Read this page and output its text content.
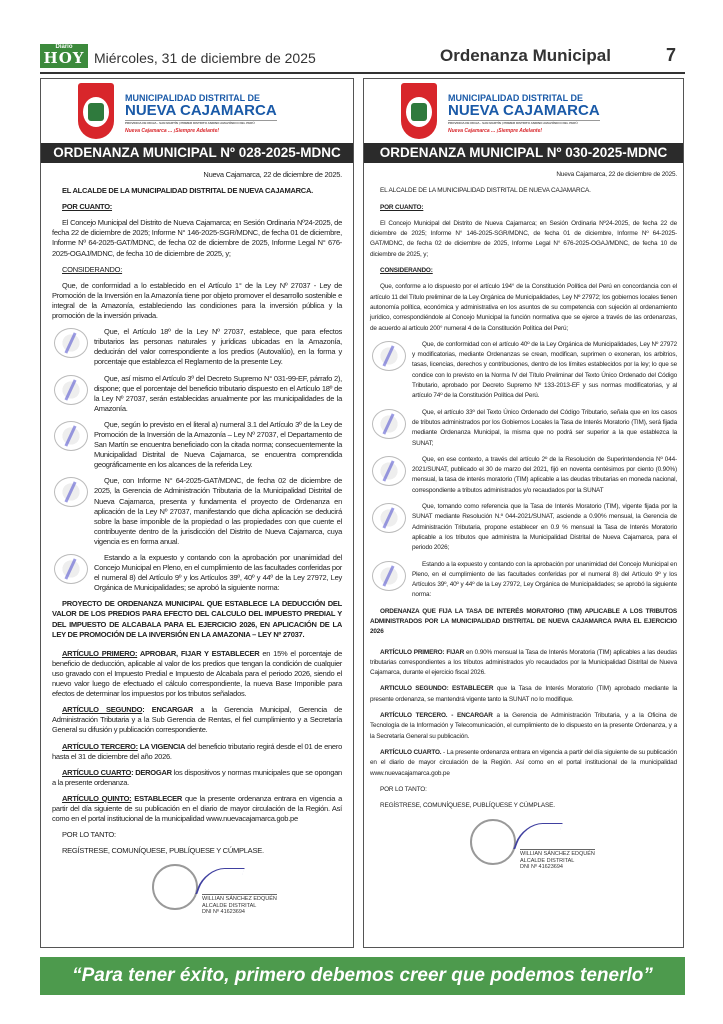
Diario
HOY Miércoles, 31 de diciembre de 2025	Ordenanza Municipal	7
MUNICIPALIDAD DISTRITAL DE
NUEVA CAJAMARCA
PROVINCIA DE RIOJA - SAN MARTÍN | PRIMER DISTRITO ANDINO AMAZÓNICO DEL PERÚ
Nueva Cajamarca ... ¡Siempre Adelante!
ORDENANZA MUNICIPAL Nº 028-2025-MDNC

Nueva Cajamarca, 22 de diciembre de 2025.

EL ALCALDE DE LA MUNICIPALIDAD DISTRITAL DE NUEVA CAJAMARCA.

POR CUANTO:

El Concejo Municipal del Distrito de Nueva Cajamarca; en Sesión Ordinaria Nº24-2025, de fecha 22 de diciembre de 2025; Informe N° 146-2025-SGR/MDNC, de fecha 01 de diciembre, Informe Nº 64-2025-GAT/MDNC, de fecha 02 de diciembre de 2025, Informe Legal N° 676-2025-OGAJ/MDNC, de fecha 10 de diciembre de 2025, y;

CONSIDERANDO:

Que, de conformidad a lo establecido en el Artículo 1° de la Ley Nº 27037 - Ley de Promoción de la Inversión en la Amazonía tiene por objeto promover el desarrollo sostenible e integral de la Amazonía, estableciendo las condiciones para la inversión pública y la promoción de la inversión privada.

Que, el Artículo 18º de la Ley Nº 27037, establece, que para efectos tributarios las personas naturales y jurídicas ubicadas en la Amazonía, deducirán del valor correspondiente a los predios (Autovalúo), en la forma y porcentaje que establezca el Reglamento de la presente Ley.

Que, así mismo el Artículo 3º del Decreto Supremo N° 031-99-EF, párrafo 2), dispone; que el porcentaje del beneficio tributario dispuesto en el Artículo 18º de la Ley Nº 27037, serán establecidas anualmente por las municipalidades de la Amazonía.

Que, según lo previsto en el literal a) numeral 3.1 del Artículo 3º de la Ley de Promoción de la Inversión de la Amazonía – Ley Nº 27037, el Departamento de San Martín se encuentra beneficiado con la citada norma; consecuentemente la Municipalidad Distrital de Nueva Cajamarca, se encuentra comprendida geográficamente en los alcances de la referida Ley.

Que, con Informe N° 64-2025-GAT/MDNC, de fecha 02 de diciembre de 2025, la Gerencia de Administración Tributaria de la Municipalidad Distrital de Nueva Cajamarca, presenta y fundamenta el proyecto de Ordenanza en aplicación de la Ley Nº 27037, manifestando que dicha aplicación se deducirá sobre la base imponible de la propiedad o las propiedades con que cuente el contribuyente dentro de la jurisdicción del Distrito de Nueva Cajamarca, cuya vigencia es en forma anual.

Estando a la expuesto y contando con la aprobación por unanimidad del Concejo Municipal en Pleno, en el cumplimiento de las facultades conferidas por el numeral 8) del Artículo 9º y los Artículos 39º, 40º y 44º de la Ley 27972, Ley Orgánica de Municipalidades; se aprobó la siguiente norma:

PROYECTO DE ORDENANZA MUNICIPAL QUE ESTABLECE LA DEDUCCIÓN DEL VALOR DE LOS PREDIOS PARA EFECTO DEL CALCULO DEL IMPUESTO PREDIAL Y DEL IMPUESTO DE ALCABALA PARA EL EJERCICIO 2026, EN APLICACIÓN DE LA LEY DE PROMOCIÓN DE LA INVERSIÓN EN LA AMAZONIA – LEY Nº 27037.

ARTÍCULO PRIMERO: APROBAR, FIJAR Y ESTABLECER en 15% el porcentaje de beneficio de deducción, aplicable al valor de los predios que tengan la condición de cualquier uso gravado con el Impuesto Predial e Impuesto de Alcabala para el periodo 2026, siendo el nuevo valor luego de efectuado el cálculo correspondiente, la nueva Base Imponible para efectos de determinar los impuestos por los tributos señalados.

ARTÍCULO SEGUNDO: ENCARGAR a la Gerencia Municipal, Gerencia de Administración Tributaria y a la Sub Gerencia de Rentas, el fiel cumplimiento y a Secretaría General su difusión y publicación correspondiente.

ARTÍCULO TERCERO: LA VIGENCIA del beneficio tributario regirá desde el 01 de enero hasta el 31 de diciembre del año 2026.

ARTÍCULO CUARTO: DEROGAR los dispositivos y normas municipales que se opongan a la presente ordenanza.

ARTÍCULO QUINTO: ESTABLECER que la presente ordenanza entrara en vigencia a partir del día siguiente de su publicación en el diario de mayor circulación de la Región. Así como en el portal institucional de la municipalidad www.nuevacajamarca.gob.pe

POR LO TANTO:

REGÍSTRESE, COMUNÍQUESE, PUBLÍQUESE Y CÚMPLASE.

WILLIAN SÁNCHEZ EDQUÉN
ALCALDE DISTRITAL
DNI Nº 41623694
MUNICIPALIDAD DISTRITAL DE
NUEVA CAJAMARCA
PROVINCIA DE RIOJA - SAN MARTÍN | PRIMER DISTRITO ANDINO AMAZÓNICO DEL PERÚ
Nueva Cajamarca ... ¡Siempre Adelante!
ORDENANZA MUNICIPAL Nº 030-2025-MDNC

Nueva Cajamarca, 22 de diciembre de 2025.

EL ALCALDE DE LA MUNICIPALIDAD DISTRITAL DE NUEVA CAJAMARCA.

POR CUANTO:

El Concejo Municipal del Distrito de Nueva Cajamarca; en Sesión Ordinaria Nº24-2025, de fecha 22 de diciembre de 2025; Informe N° 146-2025-SGR/MDNC, de fecha 01 de diciembre, Informe Nº 64-2025-GAT/MDNC, de fecha 02 de diciembre de 2025, Informe Legal N° 676-2025-OGAJ/MDNC, de fecha 10 de diciembre de 2025, y;

CONSIDERANDO:

Que, conforme a lo dispuesto por el artículo 194° de la Constitución Política del Perú en concordancia con el artículo 11 del Título preliminar de la Ley Orgánica de Municipalidades, Ley Nº 27972; los gobiernos locales tienen autonomía política, económica y administrativa en los asuntos de su competencia con sujeción al ordenamiento jurídico, correspondiéndole al Concejo Municipal la función normativa que se ejerce a través de las ordenanzas, de acuerdo al artículo 200° numeral 4 de la Constitución Política del Perú;

Que, de conformidad con el artículo 40º de la Ley Orgánica de Municipalidades, Ley Nº 27972 y modificatorias, mediante Ordenanzas se crean, modifican, suprimen o exoneran, los arbitrios, tasas, licencias, derechos y contribuciones, dentro de los límites establecidos por la ley; lo que se condice con lo previsto en la Norma IV del Título Preliminar del Texto Único Ordenado del Código Tributario, aprobado por Decreto Supremo Nº 133-2013-EF y sus normas modificatorias, y al artículo 74º de la Constitución Política del Perú.

Que, el artículo 33º del Texto Único Ordenado del Código Tributario, señala que en los casos de tributos administrados por los Gobiernos Locales la Tasa de Interés Moratorio (TIM), será fijada mediante Ordenanza Municipal, la misma que no podrá ser superior a la que establezca la SUNAT;

Que, en ese contexto, a través del artículo 2º de la Resolución de Superintendencia Nº 044-2021/SUNAT, publicado el 30 de marzo del 2021, fijó en noventa centésimos por ciento (0.90%) mensual, la tasa de interés moratorio (TIM) aplicable a las deudas tributarias en moneda nacional, correspondiente a tributos administrados y/o recaudados por la SUNAT

Que, tomando como referencia que la Tasa de Interés Moratorio (TIM), vigente fijada por la SUNAT mediante Resolución N.º 044-2021/SUNAT, asciende a 0.90% mensual, la Gerencia de Administración Tributaria, propone establecer en 0.9 % mensual la Tasa de Interés Moratorio aplicable a los tributos que administra la Municipalidad Distrital de Nueva Cajamarca, para el periodo 2026;

Estando a la expuesto y contando con la aprobación por unanimidad del Concejo Municipal en Pleno, en el cumplimiento de las facultades conferidas por el numeral 8) del Artículo 9º y los Artículos 39º, 40º y 44º de la Ley 27972, Ley Orgánica de Municipalidades; se aprobó la siguiente norma:

ORDENANZA QUE FIJA LA TASA DE INTERÉS MORATORIO (TIM) APLICABLE A LOS TRIBUTOS ADMINISTRADOS POR LA MUNICIPALIDAD DISTRITAL DE NUEVA CAJAMARCA PARA EL EJERCICIO 2026

ARTÍCULO PRIMERO: FIJAR en 0.90% mensual la Tasa de Interés Moratoria (TIM) aplicables a las deudas tributarias correspondientes a los tributos administrados y/o recaudados por la Municipalidad Distrital de Nueva Cajamarca, durante el ejercicio fiscal 2026.

ARTICULO SEGUNDO: ESTABLECER que la Tasa de Interés Moratorio (TIM) aprobado mediante la presente ordenanza, se mantendrá vigente tanto la SUNAT no lo modifique.

ARTÍCULO TERCERO. - ENCARGAR a la Gerencia de Administración Tributaria, y a la Oficina de Tecnología de la Información y Telecomunicación, el cumplimiento de lo dispuesto en la presente Ordenanza, y a la Secretaría General su publicación.

ARTÍCULO CUARTO. - La presente ordenanza entrara en vigencia a partir del día siguiente de su publicación en el diario de mayor circulación de la Región. Así como en el portal institucional de la municipalidad www.nuevacajamarca.gob.pe

POR LO TANTO:

REGÍSTRESE, COMUNÍQUESE, PUBLÍQUESE Y CÚMPLASE.

WILLIAN SÁNCHEZ EDQUÉN
ALCALDE DISTRITAL
DNI Nº 41623694
“Para tener éxito, primero debemos creer que podemos tenerlo”
